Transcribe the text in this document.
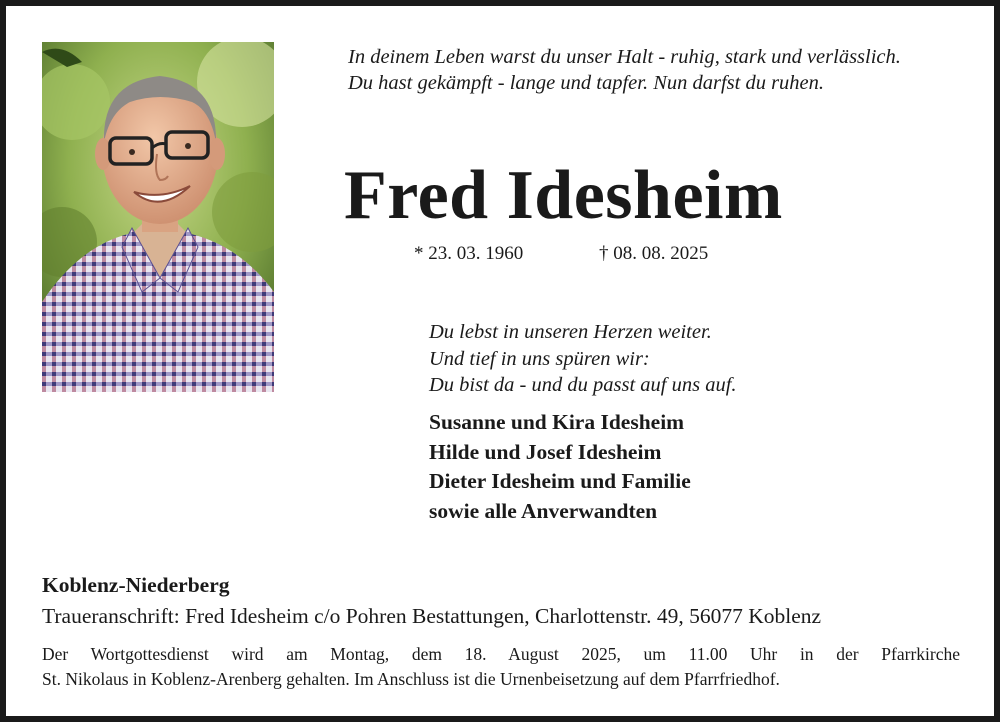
In deinem Leben warst du unser Halt - ruhig, stark und verlässlich.
Du hast gekämpft - lange und tapfer. Nun darfst du ruhen.
Fred Idesheim
* 23. 03. 1960	† 08. 08. 2025
Du lebst in unseren Herzen weiter.
Und tief in uns spüren wir:
Du bist da - und du passt auf uns auf.
Susanne und Kira Idesheim
Hilde und Josef Idesheim
Dieter Idesheim und Familie
sowie alle Anverwandten
Koblenz-Niederberg
Traueranschrift: Fred Idesheim c/o Pohren Bestattungen, Charlottenstr. 49, 56077 Koblenz
Der Wortgottesdienst wird am Montag, dem 18. August 2025, um 11.00 Uhr in der Pfarrkirche
St. Nikolaus in Koblenz-Arenberg gehalten. Im Anschluss ist die Urnenbeisetzung auf dem Pfarrfriedhof.
